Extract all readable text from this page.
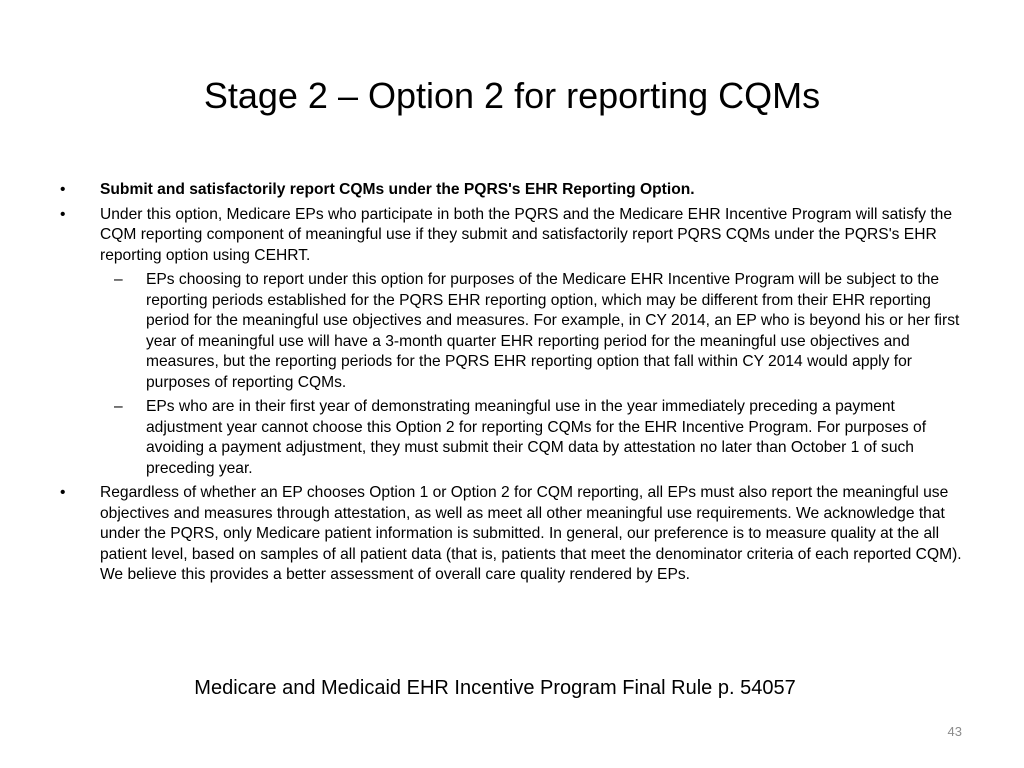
Stage 2 – Option 2 for reporting CQMs
• Submit and satisfactorily report CQMs under the PQRS's EHR Reporting Option.
• Under this option, Medicare EPs who participate in both the PQRS and the Medicare EHR Incentive Program will satisfy the CQM reporting component of meaningful use if they submit and satisfactorily report PQRS CQMs under the PQRS's EHR reporting option using CEHRT.
– EPs choosing to report under this option for purposes of the Medicare EHR Incentive Program will be subject to the reporting periods established for the PQRS EHR reporting option, which may be different from their EHR reporting period for the meaningful use objectives and measures. For example, in CY 2014, an EP who is beyond his or her first year of meaningful use will have a 3-month quarter EHR reporting period for the meaningful use objectives and measures, but the reporting periods for the PQRS EHR reporting option that fall within CY 2014 would apply for purposes of reporting CQMs.
– EPs who are in their first year of demonstrating meaningful use in the year immediately preceding a payment adjustment year cannot choose this Option 2 for reporting CQMs for the EHR Incentive Program. For purposes of avoiding a payment adjustment, they must submit their CQM data by attestation no later than October 1 of such preceding year.
• Regardless of whether an EP chooses Option 1 or Option 2 for CQM reporting, all EPs must also report the meaningful use objectives and measures through attestation, as well as meet all other meaningful use requirements. We acknowledge that under the PQRS, only Medicare patient information is submitted. In general, our preference is to measure quality at the all patient level, based on samples of all patient data (that is, patients that meet the denominator criteria of each reported CQM). We believe this provides a better assessment of overall care quality rendered by EPs.
Medicare and Medicaid EHR Incentive Program Final Rule p. 54057
43
